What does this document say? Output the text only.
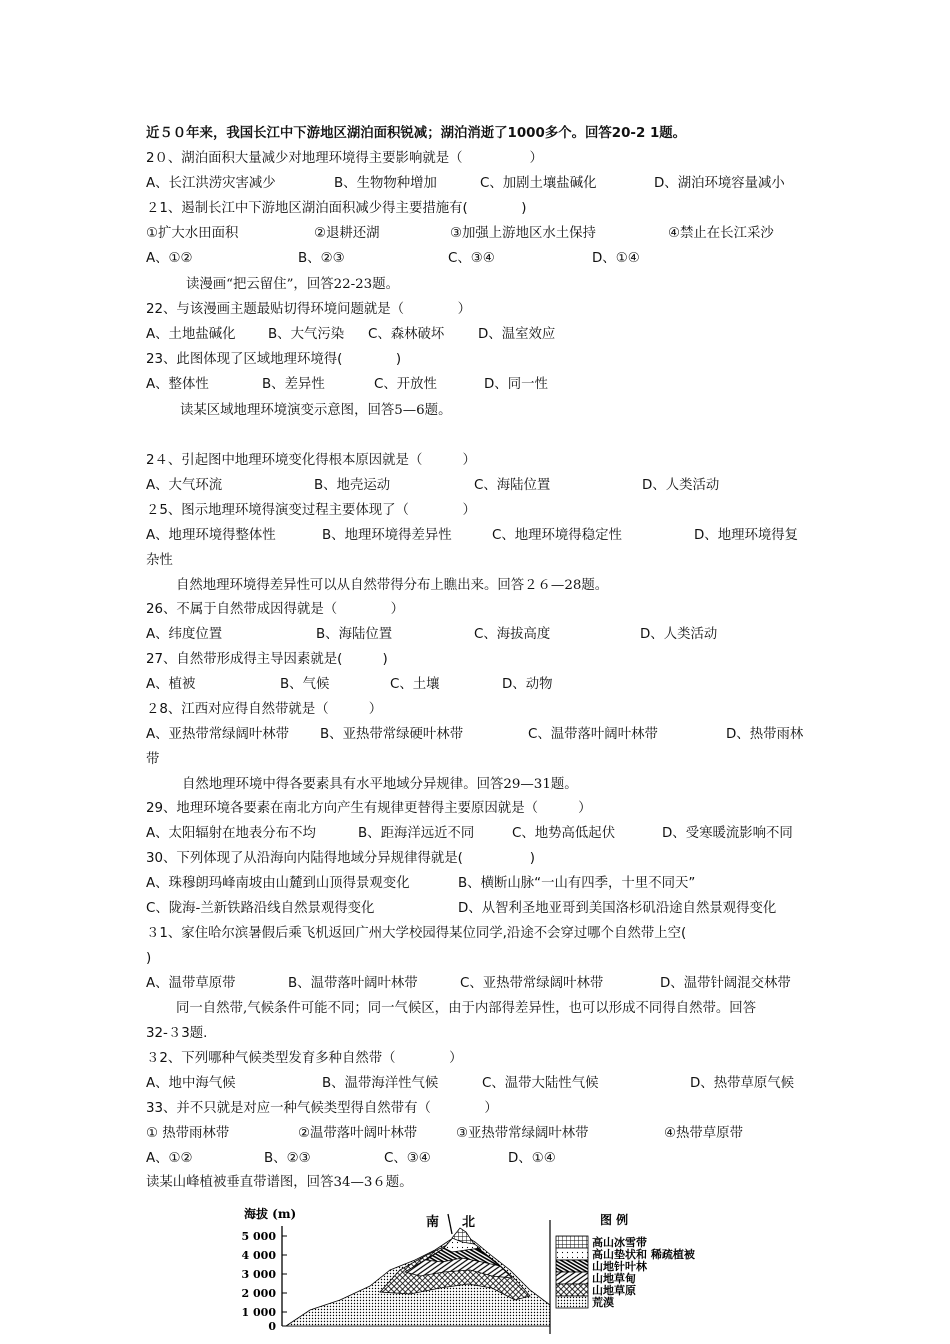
近５０年来，我国长江中下游地区湖泊面积锐减；湖泊消逝了1000多个。回答20-2 1题。
2０、湖泊面积大量减少对地理环境得主要影响就是（　　　　　）
A、长江洪涝灾害减少	B、生物物种增加	C、加剧土壤盐碱化	D、湖泊环境容量减小
２1、遏制长江中下游地区湖泊面积减少得主要措施有(　　　　)
①扩大水田面积	②退耕还湖	③加强上游地区水土保持	④禁止在长江采沙
A、①②	B、②③	C、③④	D、①④
读漫画“把云留住”，回答22-23题。
22、与该漫画主题最贴切得环境问题就是（　　　　）
A、土地盐碱化 B、大气污染 C、森林破坏	D、温室效应
23、此图体现了区域地理环境得(　　　　)
A、整体性	B、差异性	C、开放性	D、同一性
读某区域地理环境演变示意图，回答5—6题。
2４、引起图中地理环境变化得根本原因就是（　　　）
A、大气环流	B、地壳运动	C、海陆位置	D、人类活动
２5、图示地理环境得演变过程主要体现了（　　　　）
A、地理环境得整体性	B、地理环境得差异性	C、地理环境得稳定性	D、地理环境得复
杂性
自然地理环境得差异性可以从自然带得分布上瞧出来。回答２６—28题。
26、不属于自然带成因得就是（　　　　）
A、纬度位置	B、海陆位置	C、海拔高度	D、人类活动
27、自然带形成得主导因素就是(　　　)
A、植被	B、气候	C、土壤	D、动物
２8、江西对应得自然带就是（　　　）
A、亚热带常绿阔叶林带 B、亚热带常绿硬叶林带	C、温带落叶阔叶林带	D、热带雨林
带
自然地理环境中得各要素具有水平地域分异规律。回答29—31题。
29、地理环境各要素在南北方向产生有规律更替得主要原因就是（　　　）
A、太阳辐射在地表分布不均	B、距海洋远近不同	C、地势高低起伏	D、受寒暖流影响不同
30、下列体现了从沿海向内陆得地域分异规律得就是(　　　　　)
A、珠穆朗玛峰南坡由山麓到山顶得景观变化	B、横断山脉“一山有四季，十里不同天”
C、陇海-兰新铁路沿线自然景观得变化	D、从智利圣地亚哥到美国洛杉矶沿途自然景观得变化
３1、家住哈尔滨暑假后乘飞机返回广州大学校园得某位同学,沿途不会穿过哪个自然带上空(
)
A、温带草原带	B、温带落叶阔叶林带	C、亚热带常绿阔叶林带	D、温带针阔混交林带
同一自然带,气候条件可能不同；同一气候区，由于内部得差异性，也可以形成不同得自然带。回答
32-３3题.
３2、下列哪种气候类型发育多种自然带（　　　　）
A、地中海气候	B、温带海洋性气候	C、温带大陆性气候	D、热带草原气候
33、并不只就是对应一种气候类型得自然带有（　　　　）
① 热带雨林带	②温带落叶阔叶林带	③亚热带常绿阔叶林带	④热带草原带
A、①②	B、②③	C、③④	D、①④
读某山峰植被垂直带谱图，回答34—3６题。
海拔 (m)
5 000
4 000
3 000
2 000
1 000
0
南 北	图 例
高山冰雪带
高山垫状和 稀疏植被
山地针叶林
山地草甸
山地草原
荒漠
